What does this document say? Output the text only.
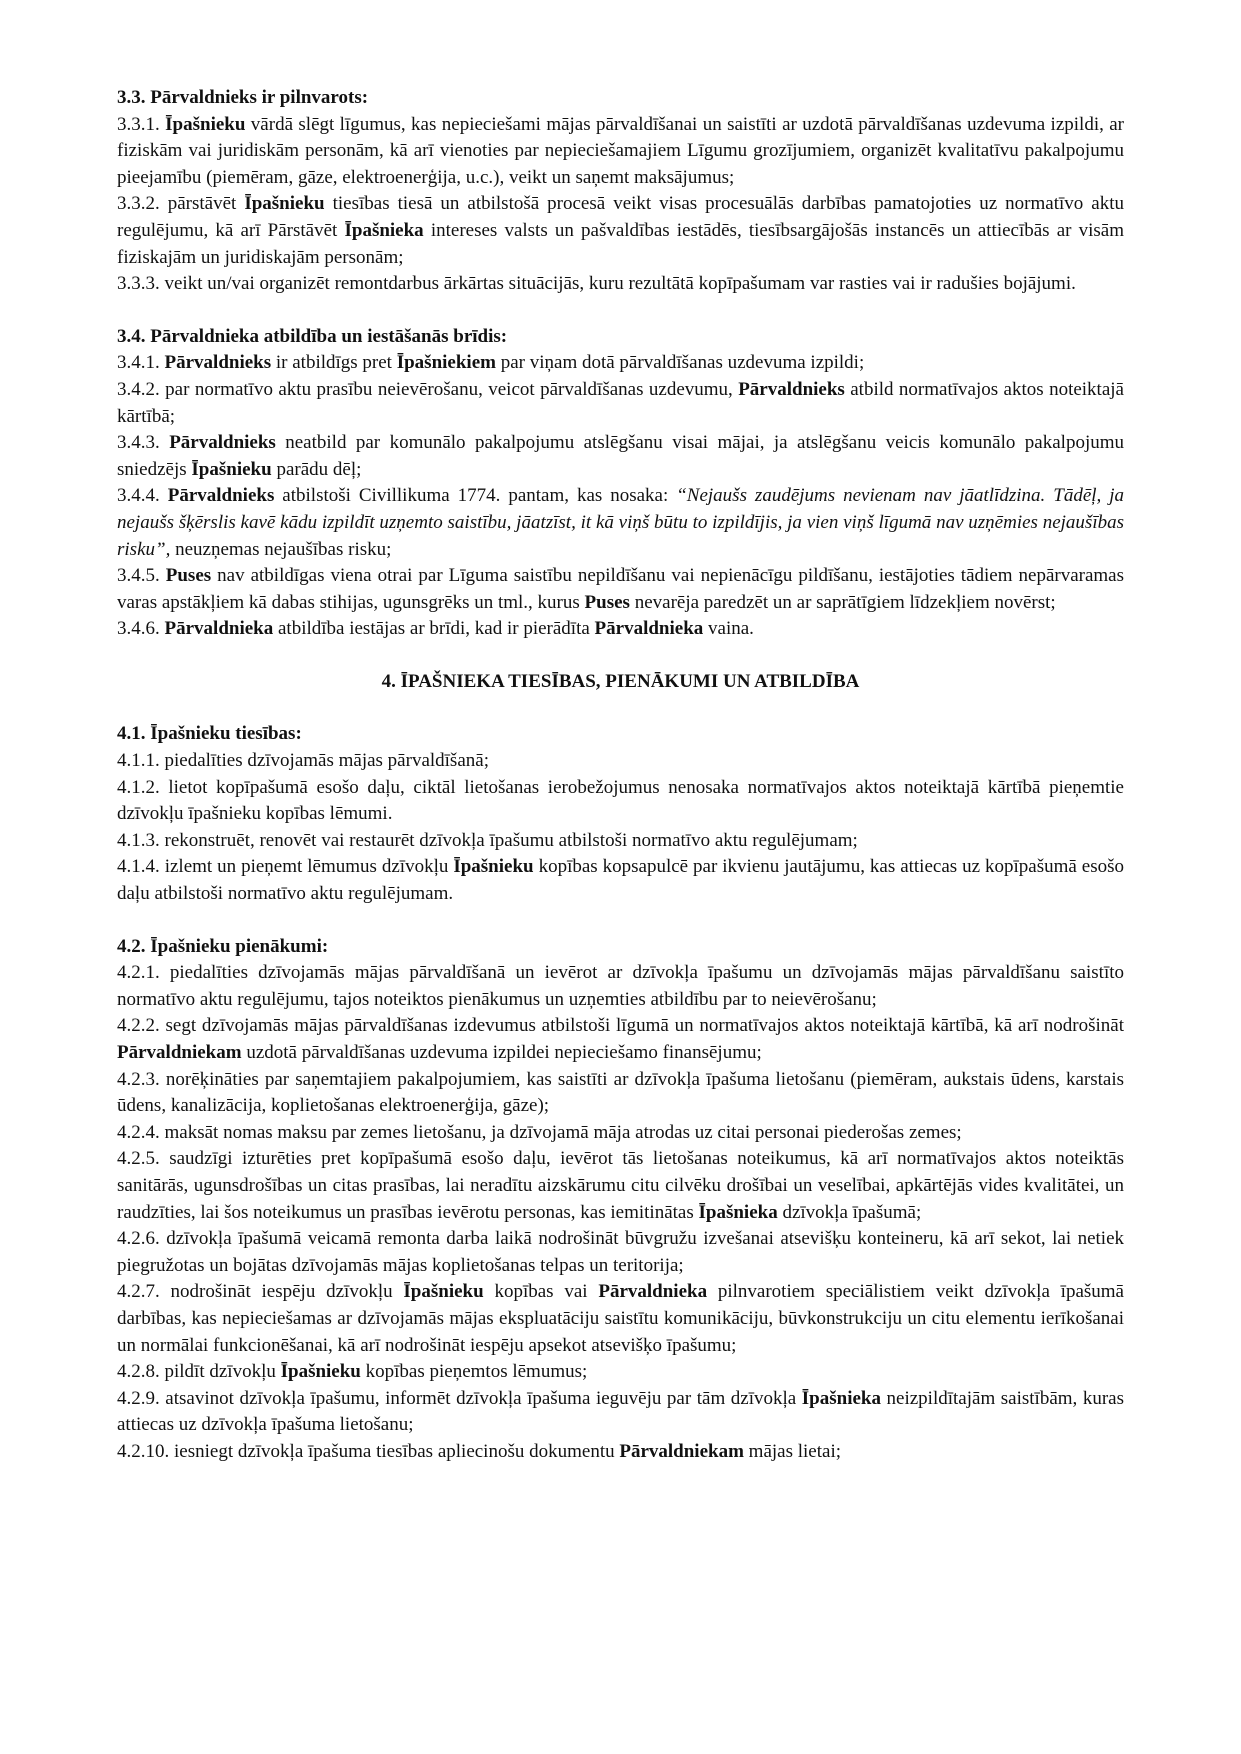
3.3. Pārvaldnieks ir pilnvarots:

3.3.1. Īpašnieku vārdā slēgt līgumus, kas nepieciešami mājas pārvaldīšanai un saistīti ar uzdotā pārvaldīšanas uzdevuma izpildi, ar fiziskām vai juridiskām personām, kā arī vienoties par nepieciešamajiem Līgumu grozījumiem, organizēt kvalitatīvu pakalpojumu pieejamību (piemēram, gāze, elektroenerģija, u.c.), veikt un saņemt maksājumus;

3.3.2. pārstāvēt Īpašnieku tiesības tiesā un atbilstošā procesā veikt visas procesuālās darbības pamatojoties uz normatīvo aktu regulējumu, kā arī Pārstāvēt Īpašnieka intereses valsts un pašvaldības iestādēs, tiesībsargājošās instancēs un attiecībās ar visām fiziskajām un juridiskajām personām;

3.3.3. veikt un/vai organizēt remontdarbus ārkārtas situācijās, kuru rezultātā kopīpašumam var rasties vai ir radušies bojājumi.

3.4. Pārvaldnieka atbildība un iestāšanās brīdis:

3.4.1. Pārvaldnieks ir atbildīgs pret Īpašniekiem par viņam dotā pārvaldīšanas uzdevuma izpildi;

3.4.2. par normatīvo aktu prasību neievērošanu, veicot pārvaldīšanas uzdevumu, Pārvaldnieks atbild normatīvajos aktos noteiktajā kārtībā;

3.4.3. Pārvaldnieks neatbild par komunālo pakalpojumu atslēgšanu visai mājai, ja atslēgšanu veicis komunālo pakalpojumu sniedzējs Īpašnieku parādu dēļ;

3.4.4. Pārvaldnieks atbilstoši Civillikuma 1774. pantam, kas nosaka: “Nejaušs zaudējums nevienam nav jāatlīdzina. Tādēļ, ja nejaušs šķērslis kavē kādu izpildīt uzņemto saistību, jāatzīst, it kā viņš būtu to izpildījis, ja vien viņš līgumā nav uzņēmies nejaušības risku”, neuzņemas nejaušības risku;

3.4.5. Puses nav atbildīgas viena otrai par Līguma saistību nepildīšanu vai nepienācīgu pildīšanu, iestājoties tādiem nepārvaramas varas apstākļiem kā dabas stihijas, ugunsgrēks un tml., kurus Puses nevarēja paredzēt un ar saprātīgiem līdzekļiem novērst;

3.4.6. Pārvaldnieka atbildība iestājas ar brīdi, kad ir pierādīta Pārvaldnieka vaina.

4. ĪPAŠNIEKA TIESĪBAS, PIENĀKUMI UN ATBILDĪBA

4.1. Īpašnieku tiesības:

4.1.1. piedalīties dzīvojamās mājas pārvaldīšanā;

4.1.2. lietot kopīpašumā esošo daļu, ciktāl lietošanas ierobežojumus nenosaka normatīvajos aktos noteiktajā kārtībā pieņemtie dzīvokļu īpašnieku kopības lēmumi.

4.1.3. rekonstruēt, renovēt vai restaurēt dzīvokļa īpašumu atbilstoši normatīvo aktu regulējumam;

4.1.4. izlemt un pieņemt lēmumus dzīvokļu Īpašnieku kopības kopsapulcē par ikvienu jautājumu, kas attiecas uz kopīpašumā esošo daļu atbilstoši normatīvo aktu regulējumam.

4.2. Īpašnieku pienākumi:

4.2.1. piedalīties dzīvojamās mājas pārvaldīšanā un ievērot ar dzīvokļa īpašumu un dzīvojamās mājas pārvaldīšanu saistīto normatīvo aktu regulējumu, tajos noteiktos pienākumus un uzņemties atbildību par to neievērošanu;

4.2.2. segt dzīvojamās mājas pārvaldīšanas izdevumus atbilstoši līgumā un normatīvajos aktos noteiktajā kārtībā, kā arī nodrošināt Pārvaldniekam uzdotā pārvaldīšanas uzdevuma izpildei nepieciešamo finansējumu;

4.2.3. norēķināties par saņemtajiem pakalpojumiem, kas saistīti ar dzīvokļa īpašuma lietošanu (piemēram, aukstais ūdens, karstais ūdens, kanalizācija, koplietošanas elektroenerģija, gāze);

4.2.4. maksāt nomas maksu par zemes lietošanu, ja dzīvojamā māja atrodas uz citai personai piederošas zemes;

4.2.5. saudzīgi izturēties pret kopīpašumā esošo daļu, ievērot tās lietošanas noteikumus, kā arī normatīvajos aktos noteiktās sanitārās, ugunsdrošības un citas prasības, lai neradītu aizskārumu citu cilvēku drošībai un veselībai, apkārtējās vides kvalitātei, un raudzīties, lai šos noteikumus un prasības ievērotu personas, kas iemitinātas Īpašnieka dzīvokļa īpašumā;

4.2.6. dzīvokļa īpašumā veicamā remonta darba laikā nodrošināt būvgružu izvešanai atsevišķu konteineru, kā arī sekot, lai netiek piegružotas un bojātas dzīvojamās mājas koplietošanas telpas un teritorija;

4.2.7. nodrošināt iespēju dzīvokļu Īpašnieku kopības vai Pārvaldnieka pilnvarotiem speciālistiem veikt dzīvokļa īpašumā darbības, kas nepieciešamas ar dzīvojamās mājas ekspluatāciju saistītu komunikāciju, būvkonstrukciju un citu elementu ierīkošanai un normālai funkcionēšanai, kā arī nodrošināt iespēju apsekot atsevišķo īpašumu;

4.2.8. pildīt dzīvokļu Īpašnieku kopības pieņemtos lēmumus;

4.2.9. atsavinot dzīvokļa īpašumu, informēt dzīvokļa īpašuma ieguvēju par tām dzīvokļa Īpašnieka neizpildītajām saistībām, kuras attiecas uz dzīvokļa īpašuma lietošanu;

4.2.10. iesniegt dzīvokļa īpašuma tiesības apliecinošu dokumentu Pārvaldniekam mājas lietai;
